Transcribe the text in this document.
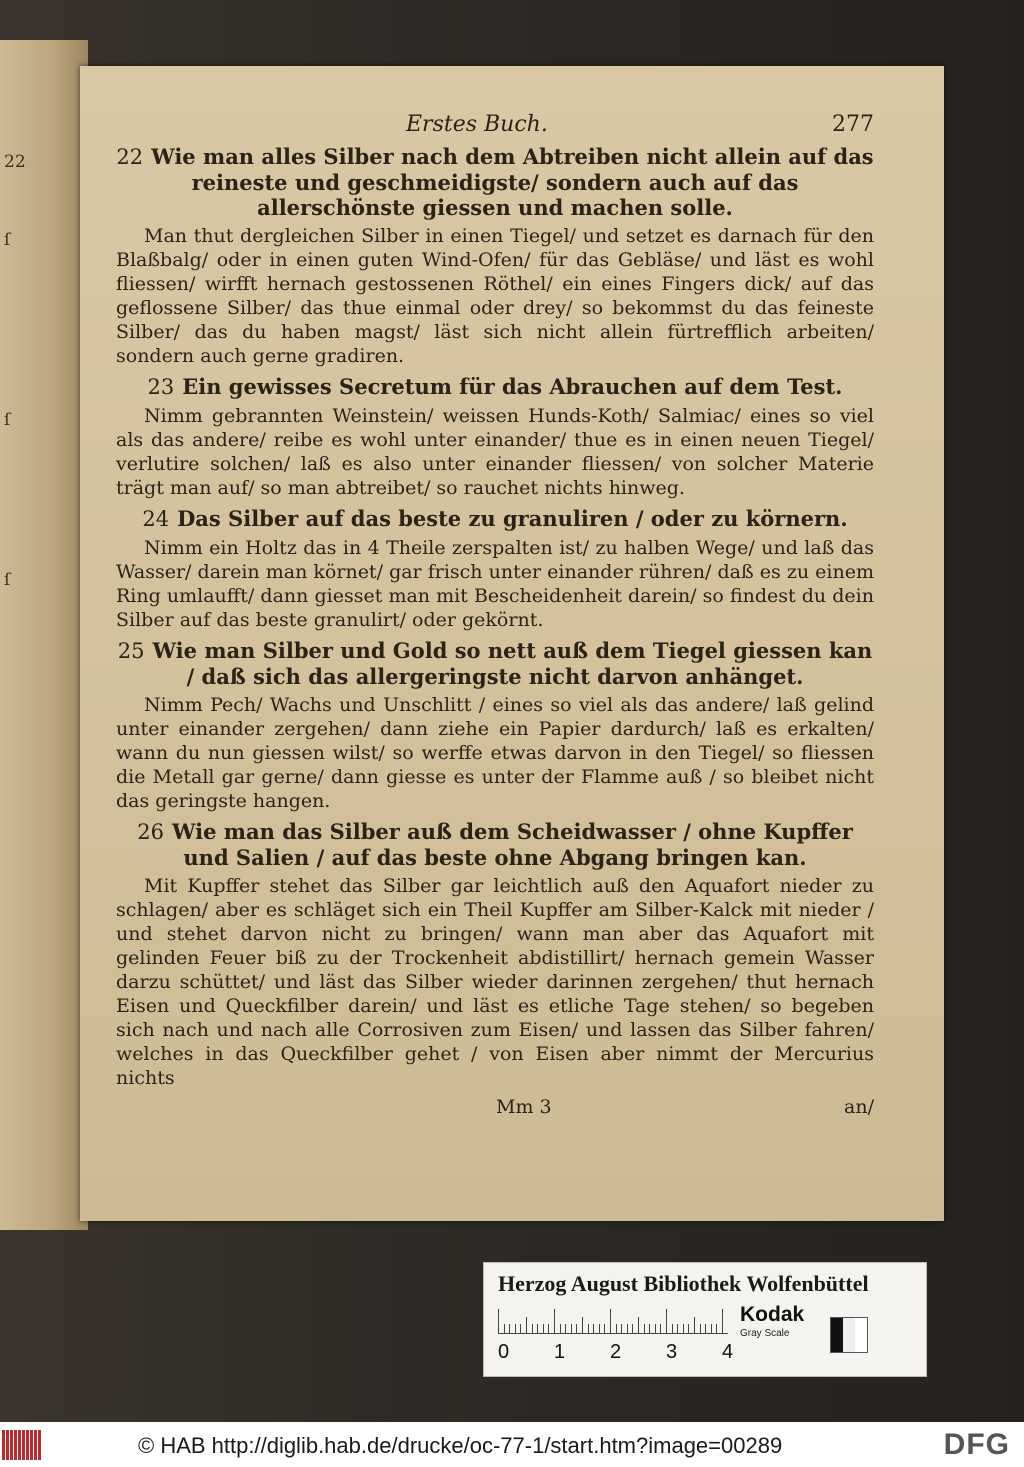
22
ſ
ſ
ſ
Erstes Buch.	277
22 Wie man alles Silber nach dem Abtreiben nicht allein auf das reineste und geschmeidigste/ sondern auch auf das allerschönste giessen und machen solle.
Man thut dergleichen Silber in einen Tiegel/ und setzet es darnach für den Blaßbalg/ oder in einen guten Wind-Ofen/ für das Gebläse/ und läst es wohl fliessen/ wirfft hernach gestossenen Röthel/ ein eines Fingers dick/ auf das geflossene Silber/ das thue einmal oder drey/ so bekommst du das feineste Silber/ das du haben magst/ läst sich nicht allein fürtrefflich arbeiten/ sondern auch gerne gradiren.
23 Ein gewisses Secretum für das Abrauchen auf dem Test.
Nimm gebrannten Weinstein/ weissen Hunds-Koth/ Salmiac/ eines so viel als das andere/ reibe es wohl unter einander/ thue es in einen neuen Tiegel/ verlutire solchen/ laß es also unter einander fliessen/ von solcher Materie trägt man auf/ so man abtreibet/ so rauchet nichts hinweg.
24 Das Silber auf das beste zu granuliren / oder zu körnern.
Nimm ein Holtz das in 4 Theile zerspalten ist/ zu halben Wege/ und laß das Wasser/ darein man körnet/ gar frisch unter einander rühren/ daß es zu einem Ring umlaufft/ dann giesset man mit Bescheidenheit darein/ so findest du dein Silber auf das beste granulirt/ oder gekörnt.
25 Wie man Silber und Gold so nett auß dem Tiegel giessen kan / daß sich das allergeringste nicht darvon anhänget.
Nimm Pech/ Wachs und Unschlitt / eines so viel als das andere/ laß gelind unter einander zergehen/ dann ziehe ein Papier dardurch/ laß es erkalten/ wann du nun giessen wilst/ so werffe etwas darvon in den Tiegel/ so fliessen die Metall gar gerne/ dann giesse es unter der Flamme auß / so bleibet nicht das geringste hangen.
26 Wie man das Silber auß dem Scheidwasser / ohne Kupffer und Salien / auf das beste ohne Abgang bringen kan.
Mit Kupffer stehet das Silber gar leichtlich auß den Aquafort nieder zu schlagen/ aber es schläget sich ein Theil Kupffer am Silber-Kalck mit nieder / und stehet darvon nicht zu bringen/ wann man aber das Aquafort mit gelinden Feuer biß zu der Trockenheit abdistillirt/ hernach gemein Wasser darzu schüttet/ und läst das Silber wieder darinnen zergehen/ thut hernach Eisen und Queckfilber darein/ und läst es etliche Tage stehen/ so begeben sich nach und nach alle Corrosiven zum Eisen/ und lassen das Silber fahren/ welches in das Queckfilber gehet / von Eisen aber nimmt der Mercurius nichts
Mm 3	an/
Herzog August Bibliothek Wolfenbüttel
0 1 2 3 4
Kodak
Gray Scale
© HAB http://diglib.hab.de/drucke/oc-77-1/start.htm?image=00289	DFG
